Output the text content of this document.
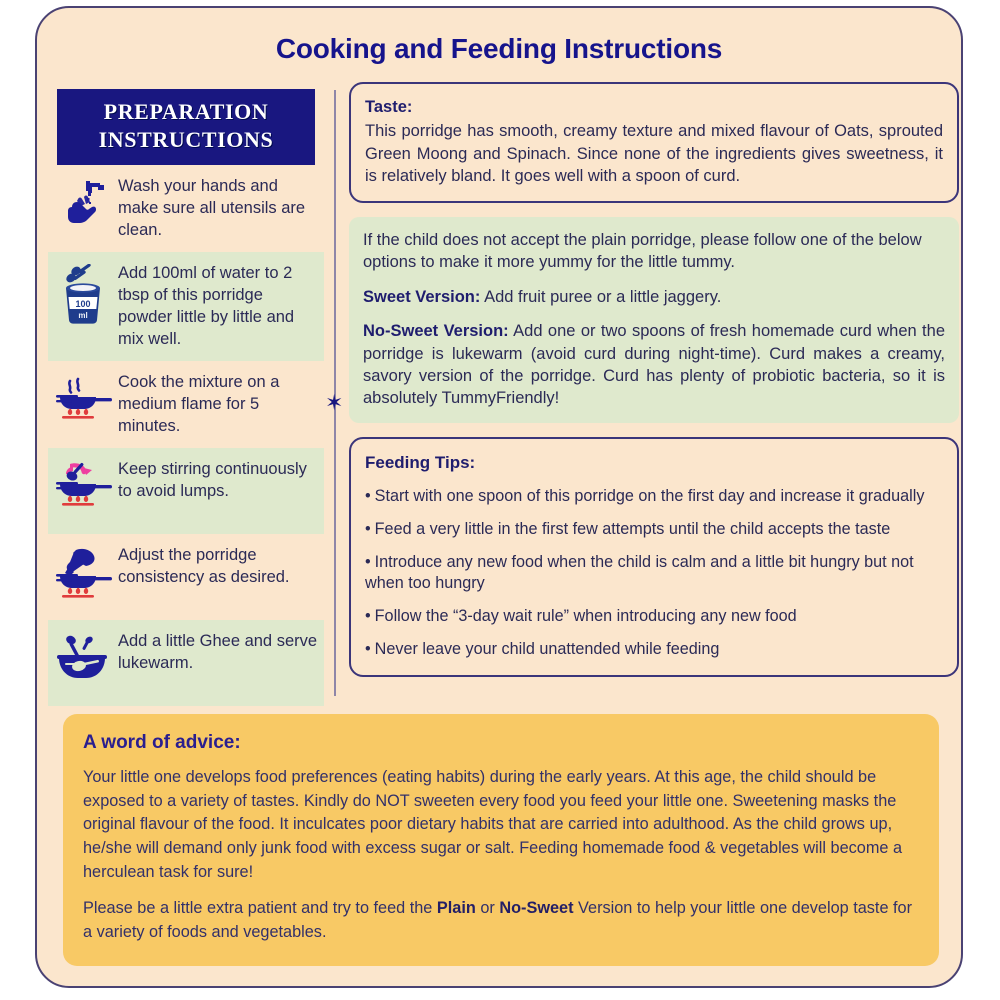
Cooking and Feeding Instructions
PREPARATION
INSTRUCTIONS
Wash your hands and make sure all utensils are clean.
100
ml
Add 100ml of water to 2 tbsp of this porridge powder little by little and mix well.
Cook the mixture on a medium flame for 5 minutes.
Keep stirring continuously to avoid lumps.
Adjust the porridge consistency as desired.
Add a little Ghee and serve lukewarm.
✶
Taste:

This porridge has smooth, creamy texture and mixed flavour of Oats, sprouted Green Moong and Spinach. Since none of the ingredients gives sweetness, it is relatively bland. It goes well with a spoon of curd.

If the child does not accept the plain porridge, please follow one of the below options to make it more yummy for the little tummy.

Sweet Version: Add fruit puree or a little jaggery.

No-Sweet Version: Add one or two spoons of fresh homemade curd when the porridge is lukewarm (avoid curd during night-time). Curd makes a creamy, savory version of the porridge. Curd has plenty of probiotic bacteria, so it is absolutely TummyFriendly!

Feeding Tips:

• Start with one spoon of this porridge on the first day and increase it gradually

• Feed a very little in the first few attempts until the child accepts the taste

• Introduce any new food when the child is calm and a little bit hungry but not when too hungry

• Follow the “3-day wait rule” when introducing any new food

• Never leave your child unattended while feeding

A word of advice:

Your little one develops food preferences (eating habits) during the early years. At this age, the child should be exposed to a variety of tastes. Kindly do NOT sweeten every food you feed your little one. Sweetening masks the original flavour of the food. It inculcates poor dietary habits that are carried into adulthood. As the child grows up, he/she will demand only junk food with excess sugar or salt. Feeding homemade food & vegetables will become a herculean task for sure!

Please be a little extra patient and try to feed the Plain or No-Sweet Version to help your little one develop taste for a variety of foods and vegetables.
